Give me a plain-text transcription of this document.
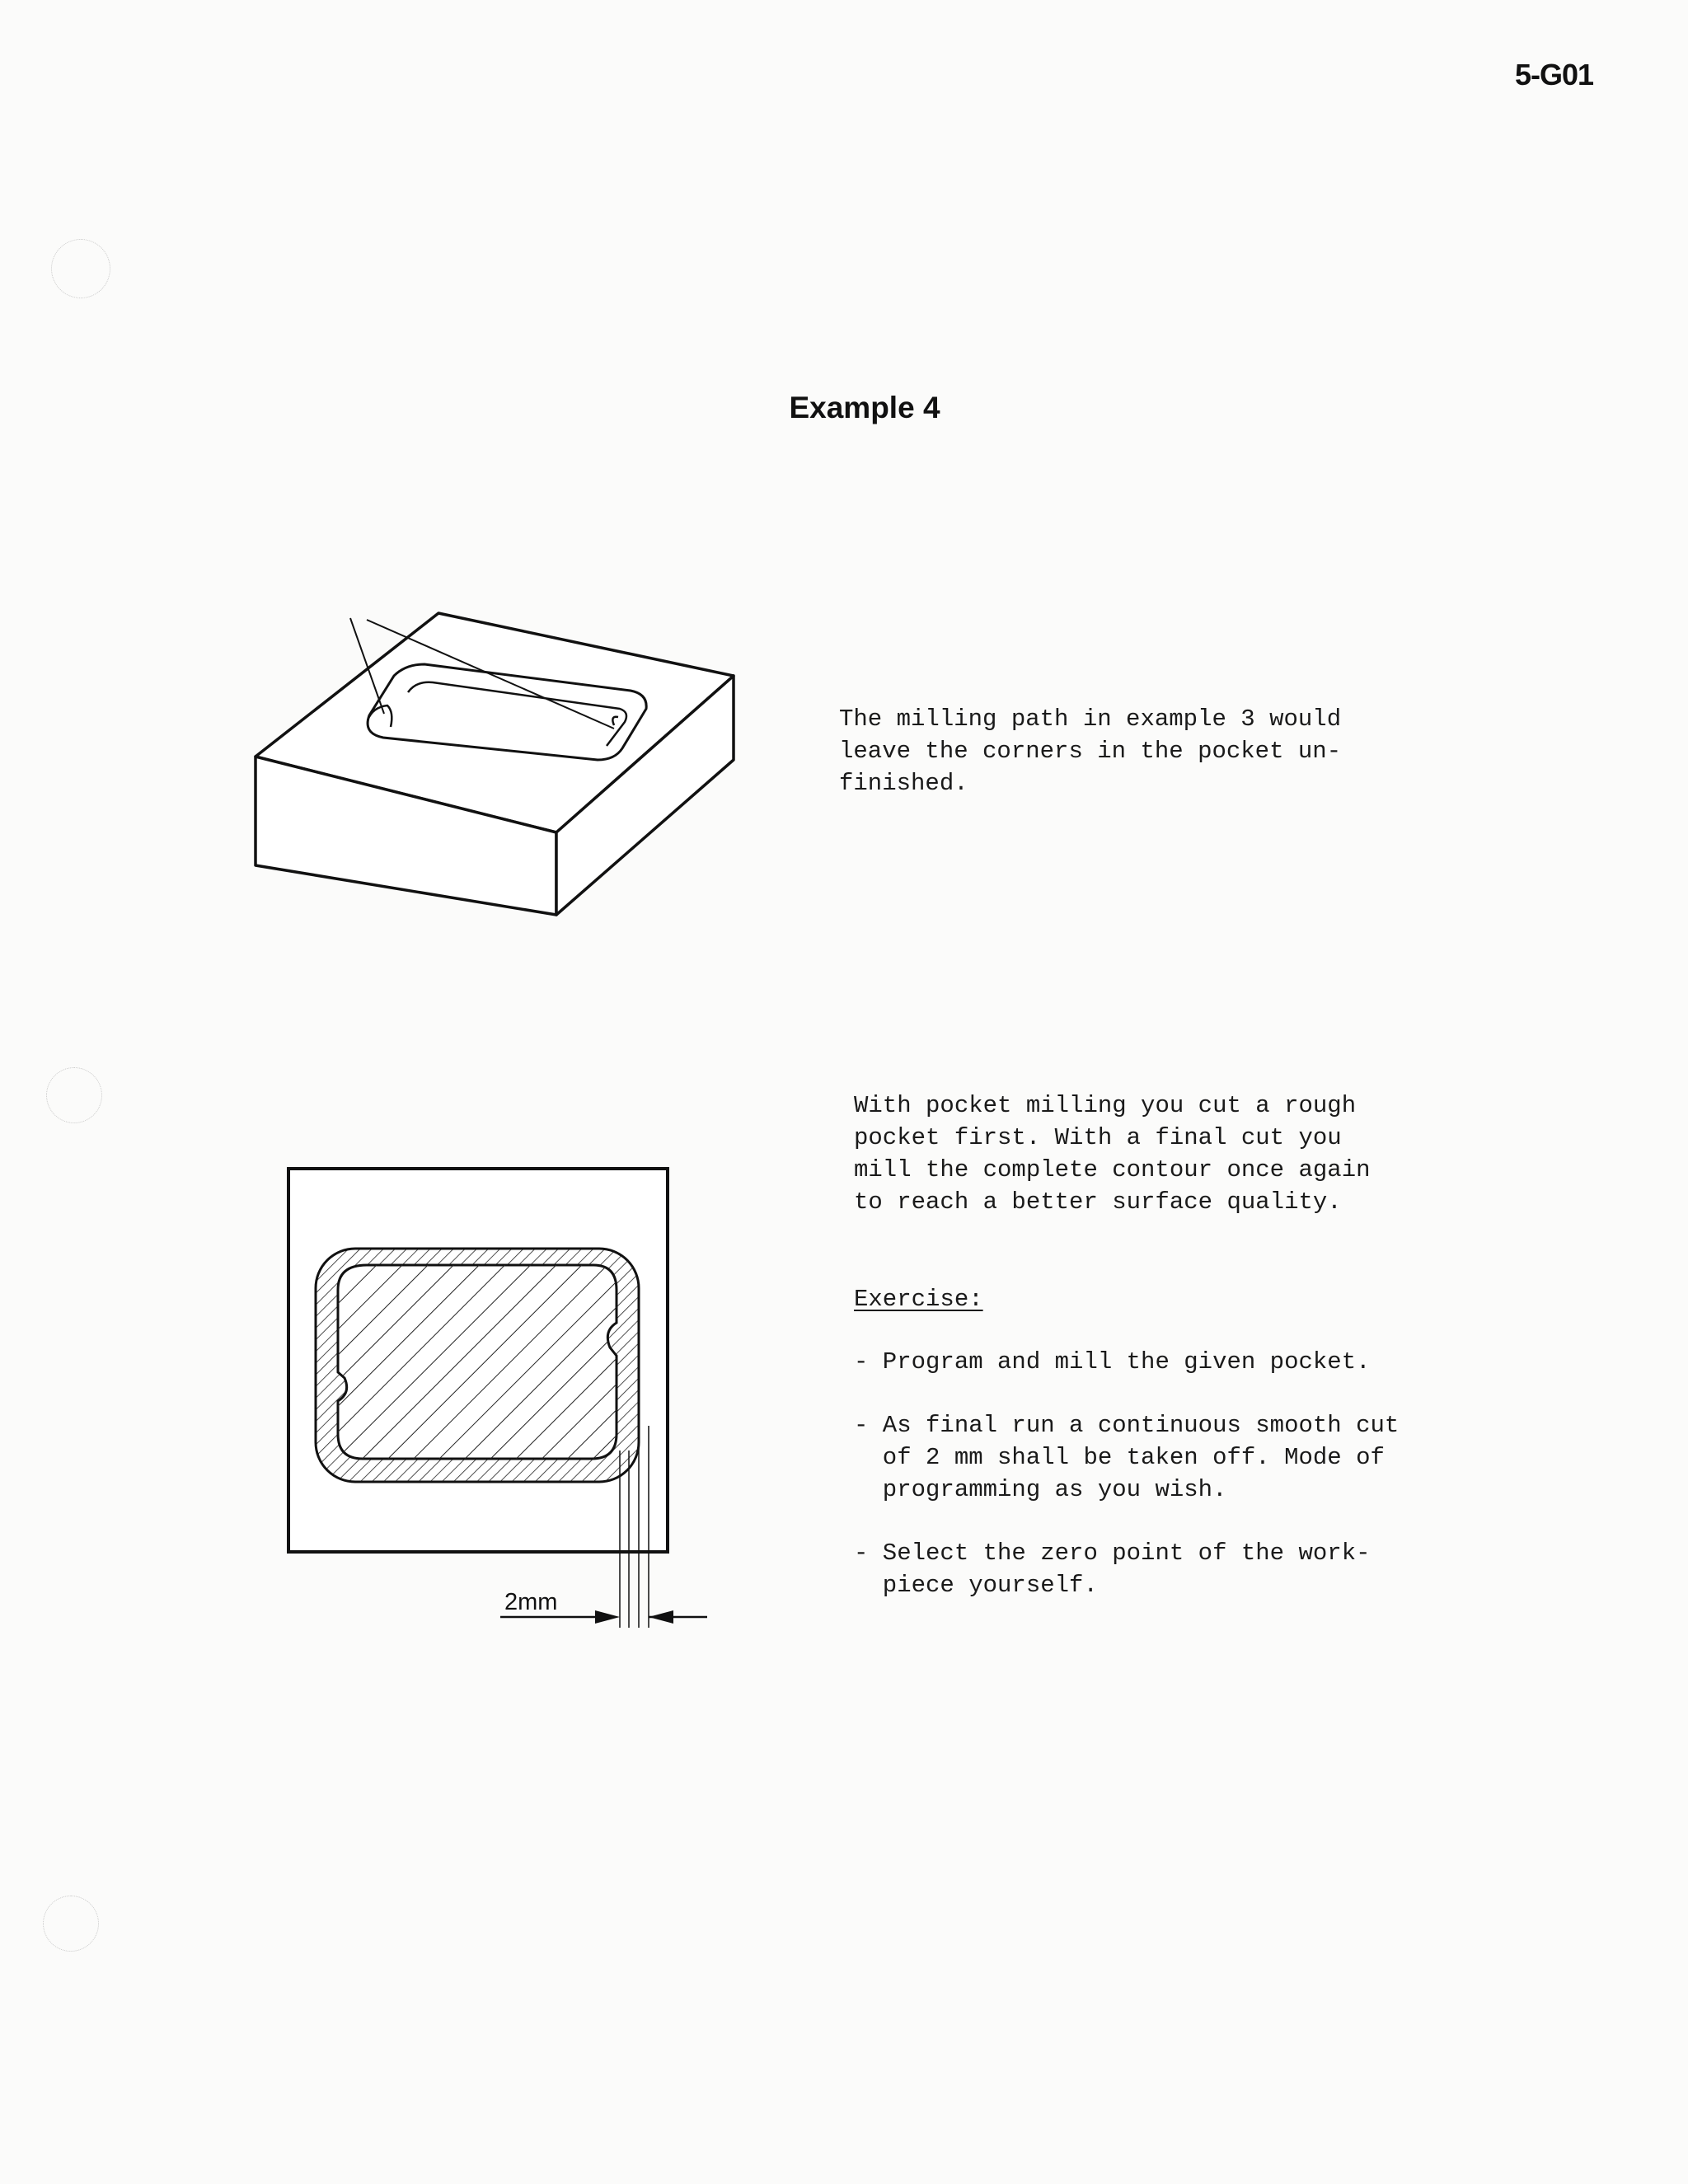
5-G01
Example 4
The milling path in example 3 would
leave the corners in the pocket un-
finished.
2mm
With pocket milling you cut a rough
pocket first. With a final cut you
mill the complete contour once again
to reach a better surface quality.
Exercise:
- Program and mill the given pocket.
- As final run a continuous smooth cut
of 2 mm shall be taken off. Mode of
programming as you wish.
- Select the zero point of the work-
piece yourself.
